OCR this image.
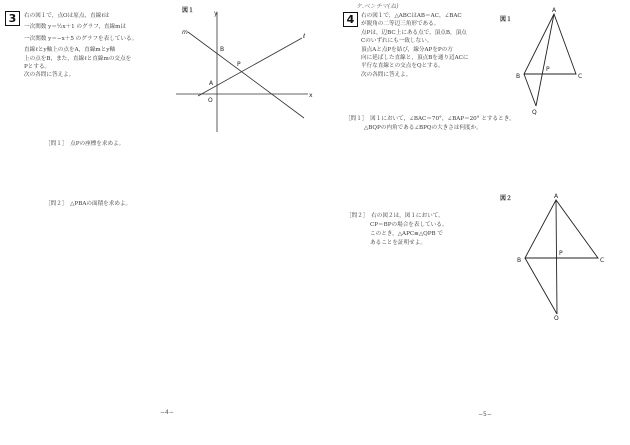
3	右の図１で，点Oは原点，直線ℓは
一次関数 y＝½x＋1 のグラフ，直線mは
一次関数 y＝−x＋5 のグラフを表している。
直線ℓとy軸上の点をA，直線mとy軸
上の点をB，また，直線ℓと直線mの交点を
Pとする。
次の各問に答えよ。
図１	y
x
O
m
ℓ
A
B
P
［問１］　点Pの座標を求めよ。
［問２］　△PBAの面積を求めよ。
ケ.ベンチマ(ね)
4	右の図１で，△ABCはAB＝AC，∠BAC
が鋭角の二等辺三角形である。
点Pは，辺BC上にある点で，頂点B，頂点
Cのいずれにも一致しない。
頂点Aと点Pを結び，線分APをPの方
向に延ばした直線と，頂点Bを通り辺ACに
平行な直線との交点をQとする。
次の各問に答えよ。
図１
A
B	C
P
Q
［問１］　図１において，∠BAC＝70°，∠BAP＝20° とするとき，
△BQPの内角である∠BPQの大きさは何度か。
図２
［問２］　右の図２は，図１において，
CP＝BPの場合を表している。
このとき，△APC≡△QPB で
あることを証明せよ。
A
B	C
P
Q
−4−	−5−
